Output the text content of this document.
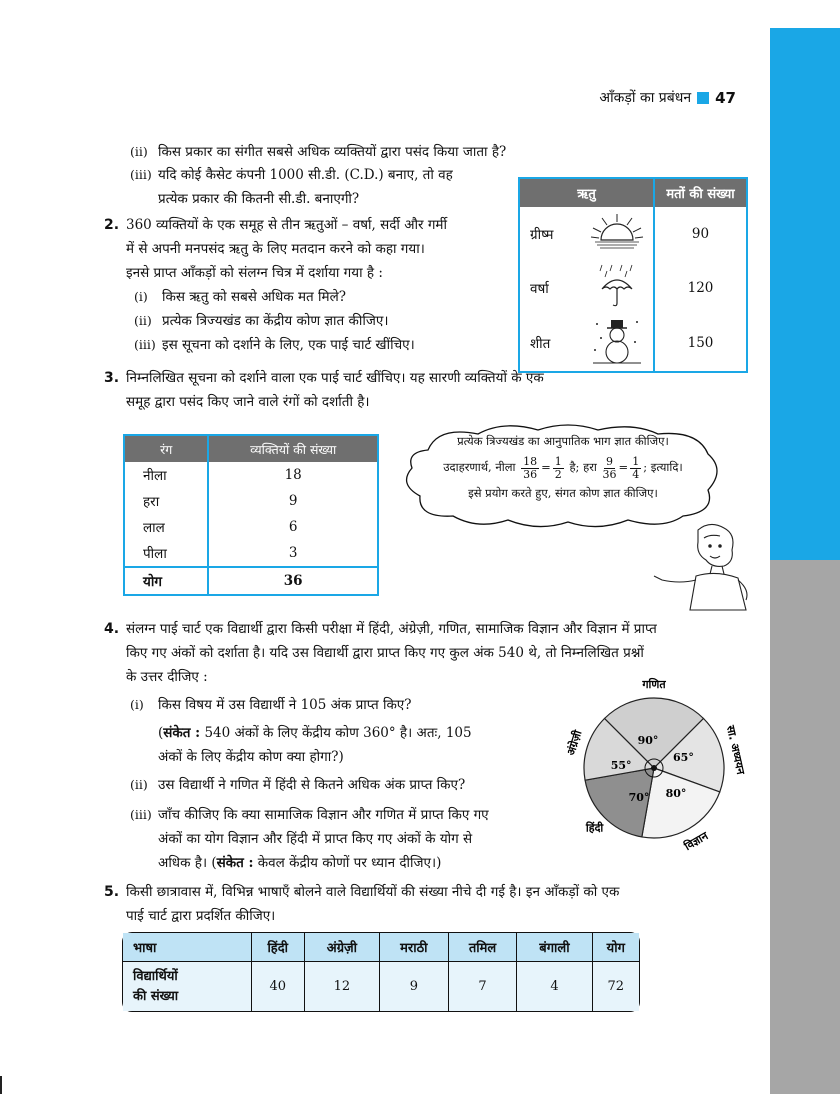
आँकड़ों का प्रबंधन 47
(ii) किस प्रकार का संगीत सबसे अधिक व्यक्तियों द्वारा पसंद किया जाता है?
(iii) यदि कोई कैसेट कंपनी 1000 सी.डी. (C.D.) बनाए, तो वह
प्रत्येक प्रकार की कितनी सी.डी. बनाएगी?
2. 360 व्यक्तियों के एक समूह से तीन ऋतुओं – वर्षा, सर्दी और गर्मी
में से अपनी मनपसंद ऋतु के लिए मतदान करने को कहा गया।
इनसे प्राप्त आँकड़ों को संलग्न चित्र में दर्शाया गया है :
(i) किस ऋतु को सबसे अधिक मत मिले?
(ii) प्रत्येक त्रिज्यखंड का केंद्रीय कोण ज्ञात कीजिए।
(iii) इस सूचना को दर्शाने के लिए, एक पाई चार्ट खींचिए।
ऋतु		मतों की संख्या
ग्रीष्म		90
वर्षा		120
शीत		150
3. निम्नलिखित सूचना को दर्शाने वाला एक पाई चार्ट खींचिए। यह सारणी व्यक्तियों के एक
समूह द्वारा पसंद किए जाने वाले रंगों को दर्शाती है।
रंग	व्यक्तियों की संख्या
नीला	18
हरा	9
लाल	6
पीला	3
योग	36
प्रत्येक त्रिज्यखंड का आनुपातिक भाग ज्ञात कीजिए।
उदाहरणार्थ, नीला $\frac{18}{36} = \frac{1}{2}$ है; हरा $\frac{9}{36} = \frac{1}{4}$ ; इत्यादि।
इसे प्रयोग करते हुए, संगत कोण ज्ञात कीजिए।
4. संलग्न पाई चार्ट एक विद्यार्थी द्वारा किसी परीक्षा में हिंदी, अंग्रेज़ी, गणित, सामाजिक विज्ञान और विज्ञान में प्राप्त
किए गए अंकों को दर्शाता है। यदि उस विद्यार्थी द्वारा प्राप्त किए गए कुल अंक 540 थे, तो निम्नलिखित प्रश्नों
के उत्तर दीजिए :
(i) किस विषय में उस विद्यार्थी ने 105 अंक प्राप्त किए?
(संकेत : 540 अंकों के लिए केंद्रीय कोण 360° है। अतः, 105
अंकों के लिए केंद्रीय कोण क्या होगा?)
(ii) उस विद्यार्थी ने गणित में हिंदी से कितने अधिक अंक प्राप्त किए?
(iii) जाँच कीजिए कि क्या सामाजिक विज्ञान और गणित में प्राप्त किए गए
अंकों का योग विज्ञान और हिंदी में प्राप्त किए गए अंकों के योग से
अधिक है। (संकेत : केवल केंद्रीय कोणों पर ध्यान दीजिए।)
90°
गणित
65°	सा. अध्ययन
80°
विज्ञान
70°
हिंदी
55°
अंग्रेज़ी
5. किसी छात्रावास में, विभिन्न भाषाएँ बोलने वाले विद्यार्थियों की संख्या नीचे दी गई है। इन आँकड़ों को एक
पाई चार्ट द्वारा प्रदर्शित कीजिए।
भाषा	हिंदी	अंग्रेज़ी	मराठी	तमिल	बंगाली	योग
विद्यार्थियों
की संख्या	40	12	9	7	4	72
